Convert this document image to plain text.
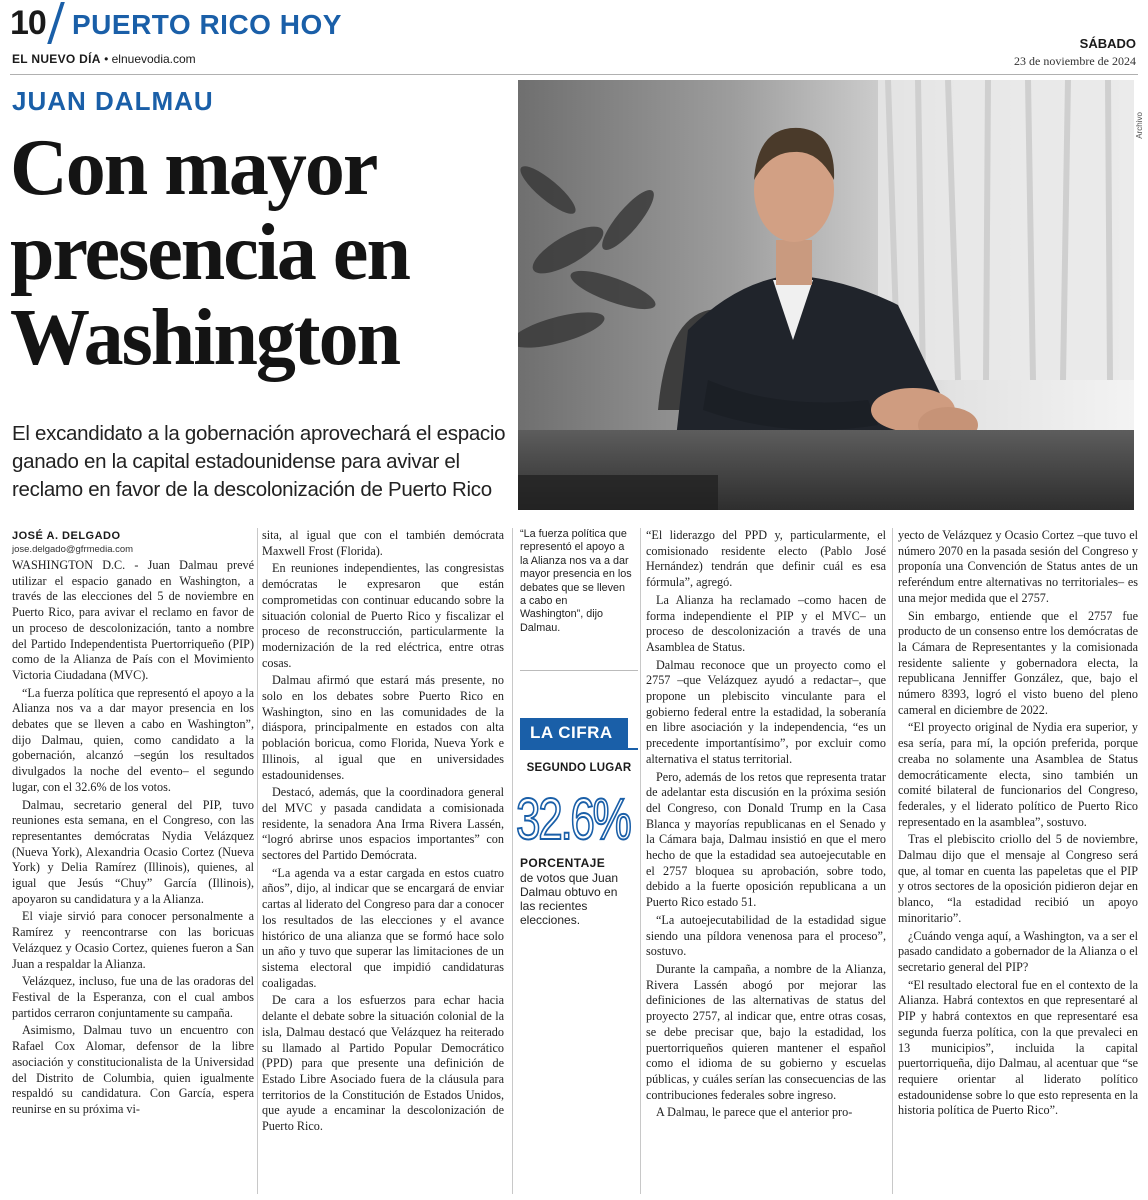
10 PUERTO RICO HOY
EL NUEVO DÍA • elnuevodia.com
SÁBADO
23 de noviembre de 2024
JUAN DALMAU
Con mayor presencia en Washington
El excandidato a la gobernación aprovechará el espacio ganado en la capital estadounidense para avivar el reclamo en favor de la descolonización de Puerto Rico
Archivo
JOSÉ A. DELGADO
jose.delgado@gfrmedia.com

WASHINGTON D.C. - Juan Dalmau prevé utilizar el espacio ganado en Washington, a través de las elecciones del 5 de noviembre en Puerto Rico, para avivar el reclamo en favor de un proceso de descolonización, tanto a nombre del Partido Independentista Puertorriqueño (PIP) como de la Alianza de País con el Movimiento Victoria Ciudadana (MVC).

“La fuerza política que representó el apoyo a la Alianza nos va a dar mayor presencia en los debates que se lleven a cabo en Washington”, dijo Dalmau, quien, como candidato a la gobernación, alcanzó –según los resultados divulgados la noche del evento– el segundo lugar, con el 32.6% de los votos.

Dalmau, secretario general del PIP, tuvo reuniones esta semana, en el Congreso, con las representantes demócratas Nydia Velázquez (Nueva York), Alexandria Ocasio Cortez (Nueva York) y Delia Ramírez (Illinois), quienes, al igual que Jesús “Chuy” García (Illinois), apoyaron su candidatura y a la Alianza.

El viaje sirvió para conocer personalmente a Ramírez y reencontrarse con las boricuas Velázquez y Ocasio Cortez, quienes fueron a San Juan a respaldar la Alianza.

Velázquez, incluso, fue una de las oradoras del Festival de la Esperanza, con el cual ambos partidos cerraron conjuntamente su campaña.

Asimismo, Dalmau tuvo un encuentro con Rafael Cox Alomar, defensor de la libre asociación y constitucionalista de la Universidad del Distrito de Columbia, quien igualmente respaldó su candidatura. Con García, espera reunirse en su próxima vi-

sita, al igual que con el también demócrata Maxwell Frost (Florida).

En reuniones independientes, las congresistas demócratas le expresaron que están comprometidas con continuar educando sobre la situación colonial de Puerto Rico y fiscalizar el proceso de reconstrucción, particularmente la modernización de la red eléctrica, entre otras cosas.

Dalmau afirmó que estará más presente, no solo en los debates sobre Puerto Rico en Washington, sino en las comunidades de la diáspora, principalmente en estados con alta población boricua, como Florida, Nueva York e Illinois, al igual que en universidades estadounidenses.

Destacó, además, que la coordinadora general del MVC y pasada candidata a comisionada residente, la senadora Ana Irma Rivera Lassén, “logró abrirse unos espacios importantes” con sectores del Partido Demócrata.

“La agenda va a estar cargada en estos cuatro años”, dijo, al indicar que se encargará de enviar cartas al liderato del Congreso para dar a conocer los resultados de las elecciones y el avance histórico de una alianza que se formó hace solo un año y tuvo que superar las limitaciones de un sistema electoral que impidió candidaturas coaligadas.

De cara a los esfuerzos para echar hacia delante el debate sobre la situación colonial de la isla, Dalmau destacó que Velázquez ha reiterado su llamado al Partido Popular Democrático (PPD) para que presente una definición de Estado Libre Asociado fuera de la cláusula para territorios de la Constitución de Estados Unidos, que ayude a encaminar la descolonización de Puerto Rico.

“La fuerza política que representó el apoyo a la Alianza nos va a dar mayor presencia en los debates que se lleven a cabo en Washington”, dijo Dalmau.
LA CIFRA
SEGUNDO LUGAR
32.6%
PORCENTAJE
de votos que Juan Dalmau obtuvo en las recientes elecciones.

“El liderazgo del PPD y, particularmente, el comisionado residente electo (Pablo José Hernández) tendrán que definir cuál es esa fórmula”, agregó.

La Alianza ha reclamado –como hacen de forma independiente el PIP y el MVC– un proceso de descolonización a través de una Asamblea de Status.

Dalmau reconoce que un proyecto como el 2757 –que Velázquez ayudó a redactar–, que propone un plebiscito vinculante para el gobierno federal entre la estadidad, la soberanía en libre asociación y la independencia, “es un precedente importantísimo”, por excluir como alternativa el status territorial.

Pero, además de los retos que representa tratar de adelantar esta discusión en la próxima sesión del Congreso, con Donald Trump en la Casa Blanca y mayorías republicanas en el Senado y la Cámara baja, Dalmau insistió en que el mero hecho de que la estadidad sea autoejecutable en el 2757 bloquea su aprobación, sobre todo, debido a la fuerte oposición republicana a un Puerto Rico estado 51.

“La autoejecutabilidad de la estadidad sigue siendo una píldora venenosa para el proceso”, sostuvo.

Durante la campaña, a nombre de la Alianza, Rivera Lassén abogó por mejorar las definiciones de las alternativas de status del proyecto 2757, al indicar que, entre otras cosas, se debe precisar que, bajo la estadidad, los puertorriqueños quieren mantener el español como el idioma de su gobierno y escuelas públicas, y cuáles serían las consecuencias de las contribuciones federales sobre ingreso.

A Dalmau, le parece que el anterior pro-

yecto de Velázquez y Ocasio Cortez –que tuvo el número 2070 en la pasada sesión del Congreso y proponía una Convención de Status antes de un referéndum entre alternativas no territoriales– es una mejor medida que el 2757.

Sin embargo, entiende que el 2757 fue producto de un consenso entre los demócratas de la Cámara de Representantes y la comisionada residente saliente y gobernadora electa, la republicana Jenniffer González, que, bajo el número 8393, logró el visto bueno del pleno cameral en diciembre de 2022.

“El proyecto original de Nydia era superior, y esa sería, para mí, la opción preferida, porque creaba no solamente una Asamblea de Status democráticamente electa, sino también un comité bilateral de funcionarios del Congreso, federales, y el liderato político de Puerto Rico representado en la asamblea”, sostuvo.

Tras el plebiscito criollo del 5 de noviembre, Dalmau dijo que el mensaje al Congreso será que, al tomar en cuenta las papeletas que el PIP y otros sectores de la oposición pidieron dejar en blanco, “la estadidad recibió un apoyo minoritario”.

¿Cuándo venga aquí, a Washington, va a ser el pasado candidato a gobernador de la Alianza o el secretario general del PIP?

“El resultado electoral fue en el contexto de la Alianza. Habrá contextos en que representaré al PIP y habrá contextos en que representaré esa segunda fuerza política, con la que prevaleci en 13 municipios”, incluida la capital puertorriqueña, dijo Dalmau, al acentuar que “se requiere orientar al liderato político estadounidense sobre lo que esto representa en la historia política de Puerto Rico”.
